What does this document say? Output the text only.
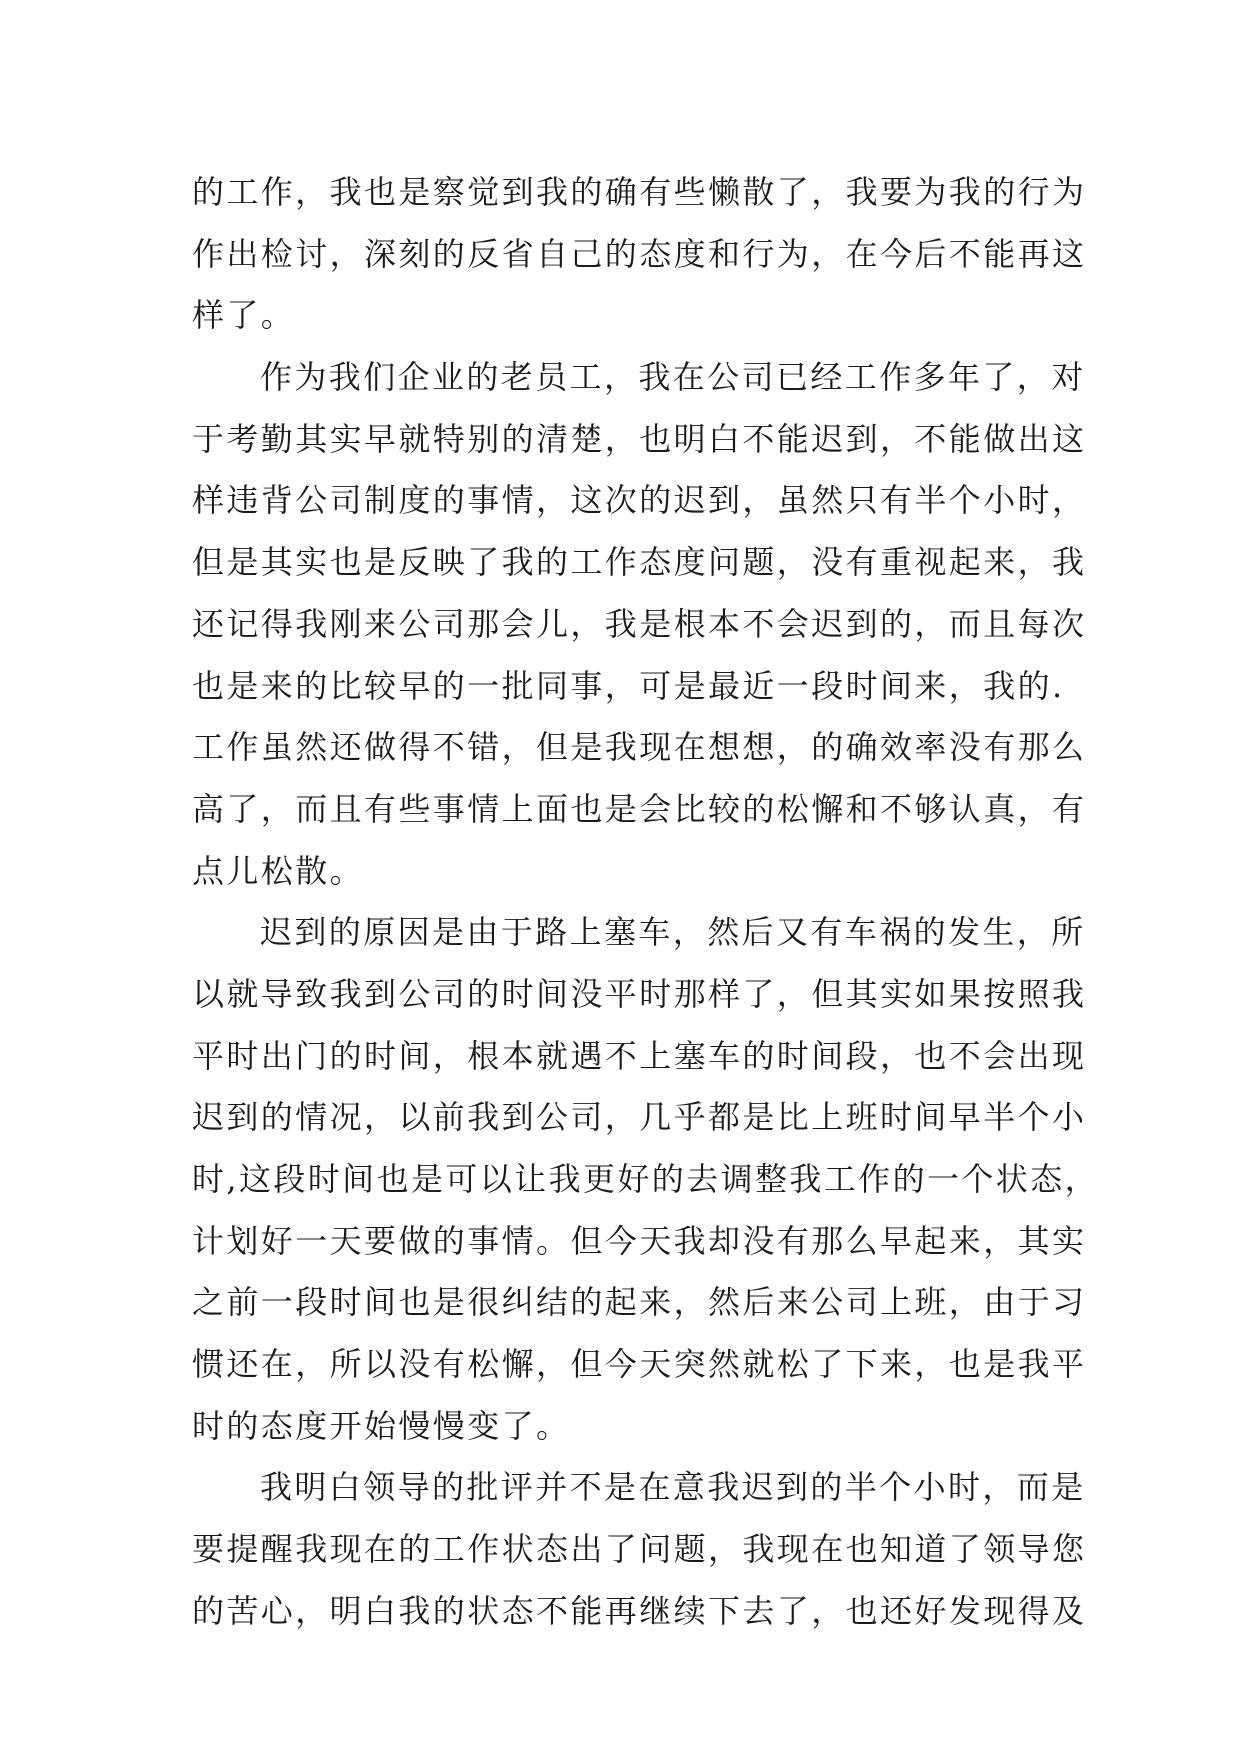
的工作，我也是察觉到我的确有些懒散了，我要为我的行为
作出检讨，深刻的反省自己的态度和行为，在今后不能再这
样了。
作为我们企业的老员工，我在公司已经工作多年了，对
于考勤其实早就特别的清楚，也明白不能迟到，不能做出这
样违背公司制度的事情，这次的迟到，虽然只有半个小时，
但是其实也是反映了我的工作态度问题，没有重视起来，我
还记得我刚来公司那会儿，我是根本不会迟到的，而且每次
也是来的比较早的一批同事，可是最近一段时间来，我的.
工作虽然还做得不错，但是我现在想想，的确效率没有那么
高了，而且有些事情上面也是会比较的松懈和不够认真，有
点儿松散。
迟到的原因是由于路上塞车，然后又有车祸的发生，所
以就导致我到公司的时间没平时那样了，但其实如果按照我
平时出门的时间，根本就遇不上塞车的时间段，也不会出现
迟到的情况，以前我到公司，几乎都是比上班时间早半个小
时,这段时间也是可以让我更好的去调整我工作的一个状态，
计划好一天要做的事情。但今天我却没有那么早起来，其实
之前一段时间也是很纠结的起来，然后来公司上班，由于习
惯还在，所以没有松懈，但今天突然就松了下来，也是我平
时的态度开始慢慢变了。
我明白领导的批评并不是在意我迟到的半个小时，而是
要提醒我现在的工作状态出了问题，我现在也知道了领导您
的苦心，明白我的状态不能再继续下去了，也还好发现得及
